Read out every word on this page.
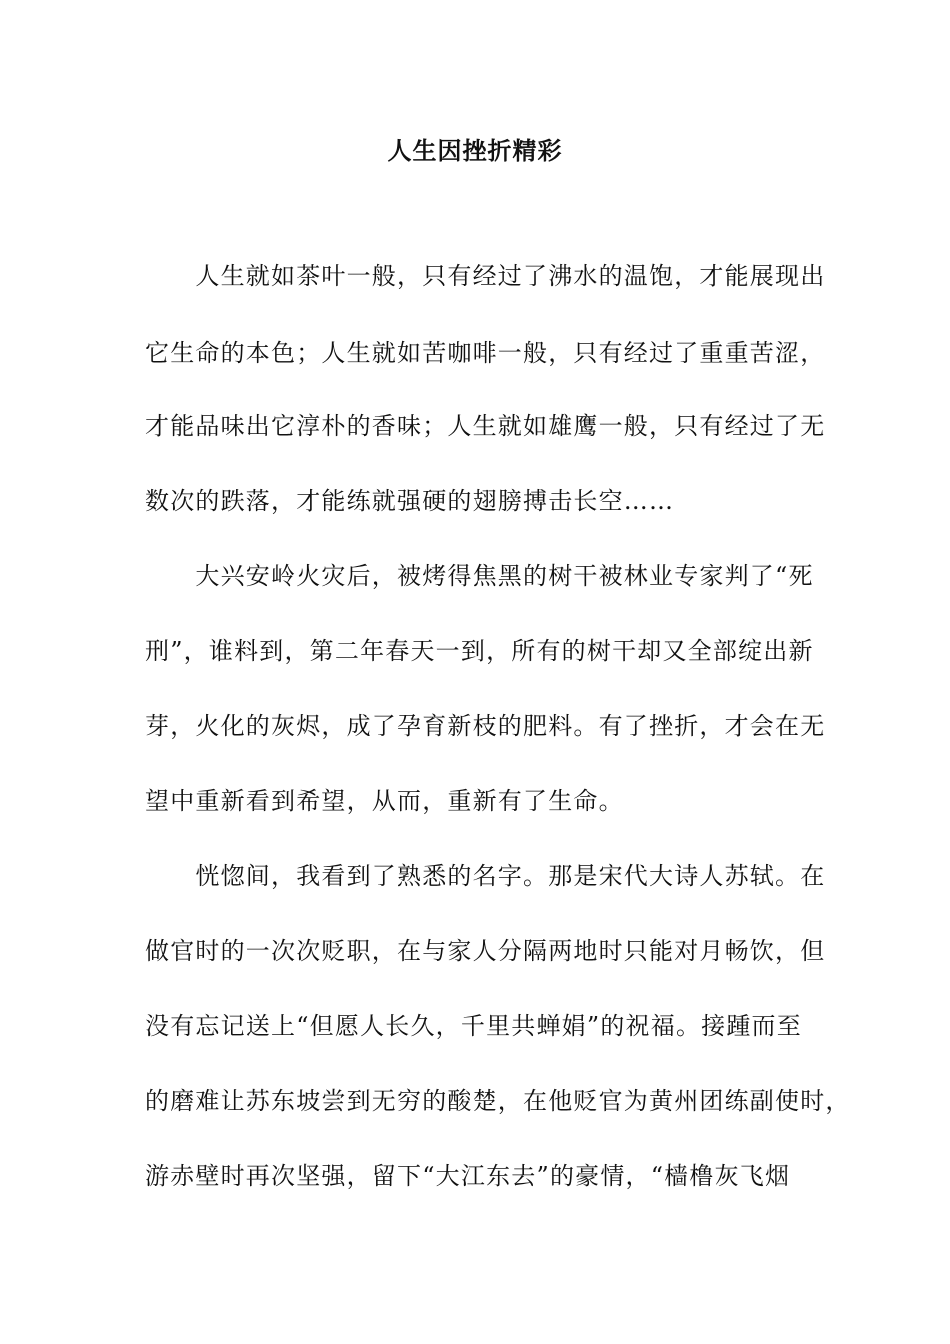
人生因挫折精彩
　　人生就如茶叶一般，只有经过了沸水的温饱，才能展现出
它生命的本色；人生就如苦咖啡一般，只有经过了重重苦涩，
才能品味出它淳朴的香味；人生就如雄鹰一般，只有经过了无
数次的跌落，才能练就强硬的翅膀搏击长空……
　　大兴安岭火灾后，被烤得焦黑的树干被林业专家判了“死
刑”，谁料到，第二年春天一到，所有的树干却又全部绽出新
芽，火化的灰烬，成了孕育新枝的肥料。有了挫折，才会在无
望中重新看到希望，从而，重新有了生命。
　　恍惚间，我看到了熟悉的名字。那是宋代大诗人苏轼。在
做官时的一次次贬职，在与家人分隔两地时只能对月畅饮，但
没有忘记送上“但愿人长久，千里共蝉娟”的祝福。接踵而至
的磨难让苏东坡尝到无穷的酸楚，在他贬官为黄州团练副使时，
游赤壁时再次坚强，留下“大江东去”的豪情，“樯橹灰飞烟
